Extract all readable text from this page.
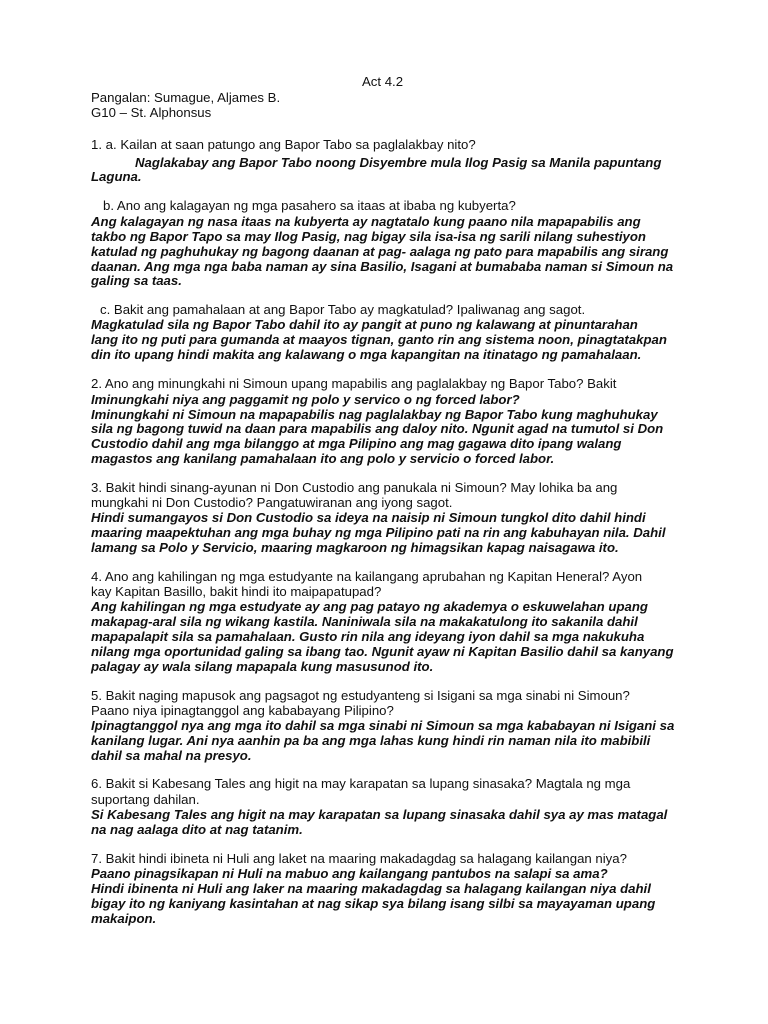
Act 4.2
Pangalan: Sumague, Aljames B.
G10 – St. Alphonsus
1. a. Kailan at saan patungo ang Bapor Tabo sa paglalakbay nito?
Naglakabay ang Bapor Tabo noong Disyembre mula Ilog Pasig sa Manila papuntang
Laguna.
b. Ano ang kalagayan ng mga pasahero sa itaas at ibaba ng kubyerta?
Ang kalagayan ng nasa itaas na kubyerta ay nagtatalo kung paano nila mapapabilis ang
takbo ng Bapor Tapo sa may Ilog Pasig, nag bigay sila isa-isa ng sarili nilang suhestiyon
katulad ng paghuhukay ng bagong daanan at pag- aalaga ng pato para mapabilis ang sirang
daanan. Ang mga nga baba naman ay sina Basilio, Isagani at bumababa naman si Simoun na
galing sa taas.
c. Bakit ang pamahalaan at ang Bapor Tabo ay magkatulad? Ipaliwanag ang sagot.
Magkatulad sila ng Bapor Tabo dahil ito ay pangit at puno ng kalawang at pinuntarahan
lang ito ng puti para gumanda at maayos tignan, ganto rin ang sistema noon, pinagtatakpan
din ito upang hindi makita ang kalawang o mga kapangitan na itinatago ng pamahalaan.
2. Ano ang minungkahi ni Simoun upang mapabilis ang paglalakbay ng Bapor Tabo? Bakit
Iminungkahi niya ang paggamit ng polo y servico o ng forced labor?
Iminungkahi ni Simoun na mapapabilis nag paglalakbay ng Bapor Tabo kung maghuhukay
sila ng bagong tuwid na daan para mapabilis ang daloy nito. Ngunit agad na tumutol si Don
Custodio dahil ang mga bilanggo at mga Pilipino ang mag gagawa dito ipang walang
magastos ang kanilang pamahalaan ito ang polo y servicio o forced labor.
3. Bakit hindi sinang-ayunan ni Don Custodio ang panukala ni Simoun? May lohika ba ang
mungkahi ni Don Custodio? Pangatuwiranan ang iyong sagot.
Hindi sumangayos si Don Custodio sa ideya na naisip ni Simoun tungkol dito dahil hindi
maaring maapektuhan ang mga buhay ng mga Pilipino pati na rin ang kabuhayan nila. Dahil
lamang sa Polo y Servicio, maaring magkaroon ng himagsikan kapag naisagawa ito.
4. Ano ang kahilingan ng mga estudyante na kailangang aprubahan ng Kapitan Heneral? Ayon
kay Kapitan Basillo, bakit hindi ito maipapatupad?
Ang kahilingan ng mga estudyate ay ang pag patayo ng akademya o eskuwelahan upang
makapag-aral sila ng wikang kastila. Naniniwala sila na makakatulong ito sakanila dahil
mapapalapit sila sa pamahalaan. Gusto rin nila ang ideyang iyon dahil sa mga nakukuha
nilang mga oportunidad galing sa ibang tao. Ngunit ayaw ni Kapitan Basilio dahil sa kanyang
palagay ay wala silang mapapala kung masusunod ito.
5. Bakit naging mapusok ang pagsagot ng estudyanteng si Isigani sa mga sinabi ni Simoun?
Paano niya ipinagtanggol ang kababayang Pilipino?
Ipinagtanggol nya ang mga ito dahil sa mga sinabi ni Simoun sa mga kababayan ni Isigani sa
kanilang lugar. Ani nya aanhin pa ba ang mga lahas kung hindi rin naman nila ito mabibili
dahil sa mahal na presyo.
6. Bakit si Kabesang Tales ang higit na may karapatan sa lupang sinasaka? Magtala ng mga
suportang dahilan.
Si Kabesang Tales ang higit na may karapatan sa lupang sinasaka dahil sya ay mas matagal
na nag aalaga dito at nag tatanim.
7. Bakit hindi ibineta ni Huli ang laket na maaring makadagdag sa halagang kailangan niya?
Paano pinagsikapan ni Huli na mabuo ang kailangang pantubos na salapi sa ama?
Hindi ibinenta ni Huli ang laker na maaring makadagdag sa halagang kailangan niya dahil
bigay ito ng kaniyang kasintahan at nag sikap sya bilang isang silbi sa mayayaman upang
makaipon.
